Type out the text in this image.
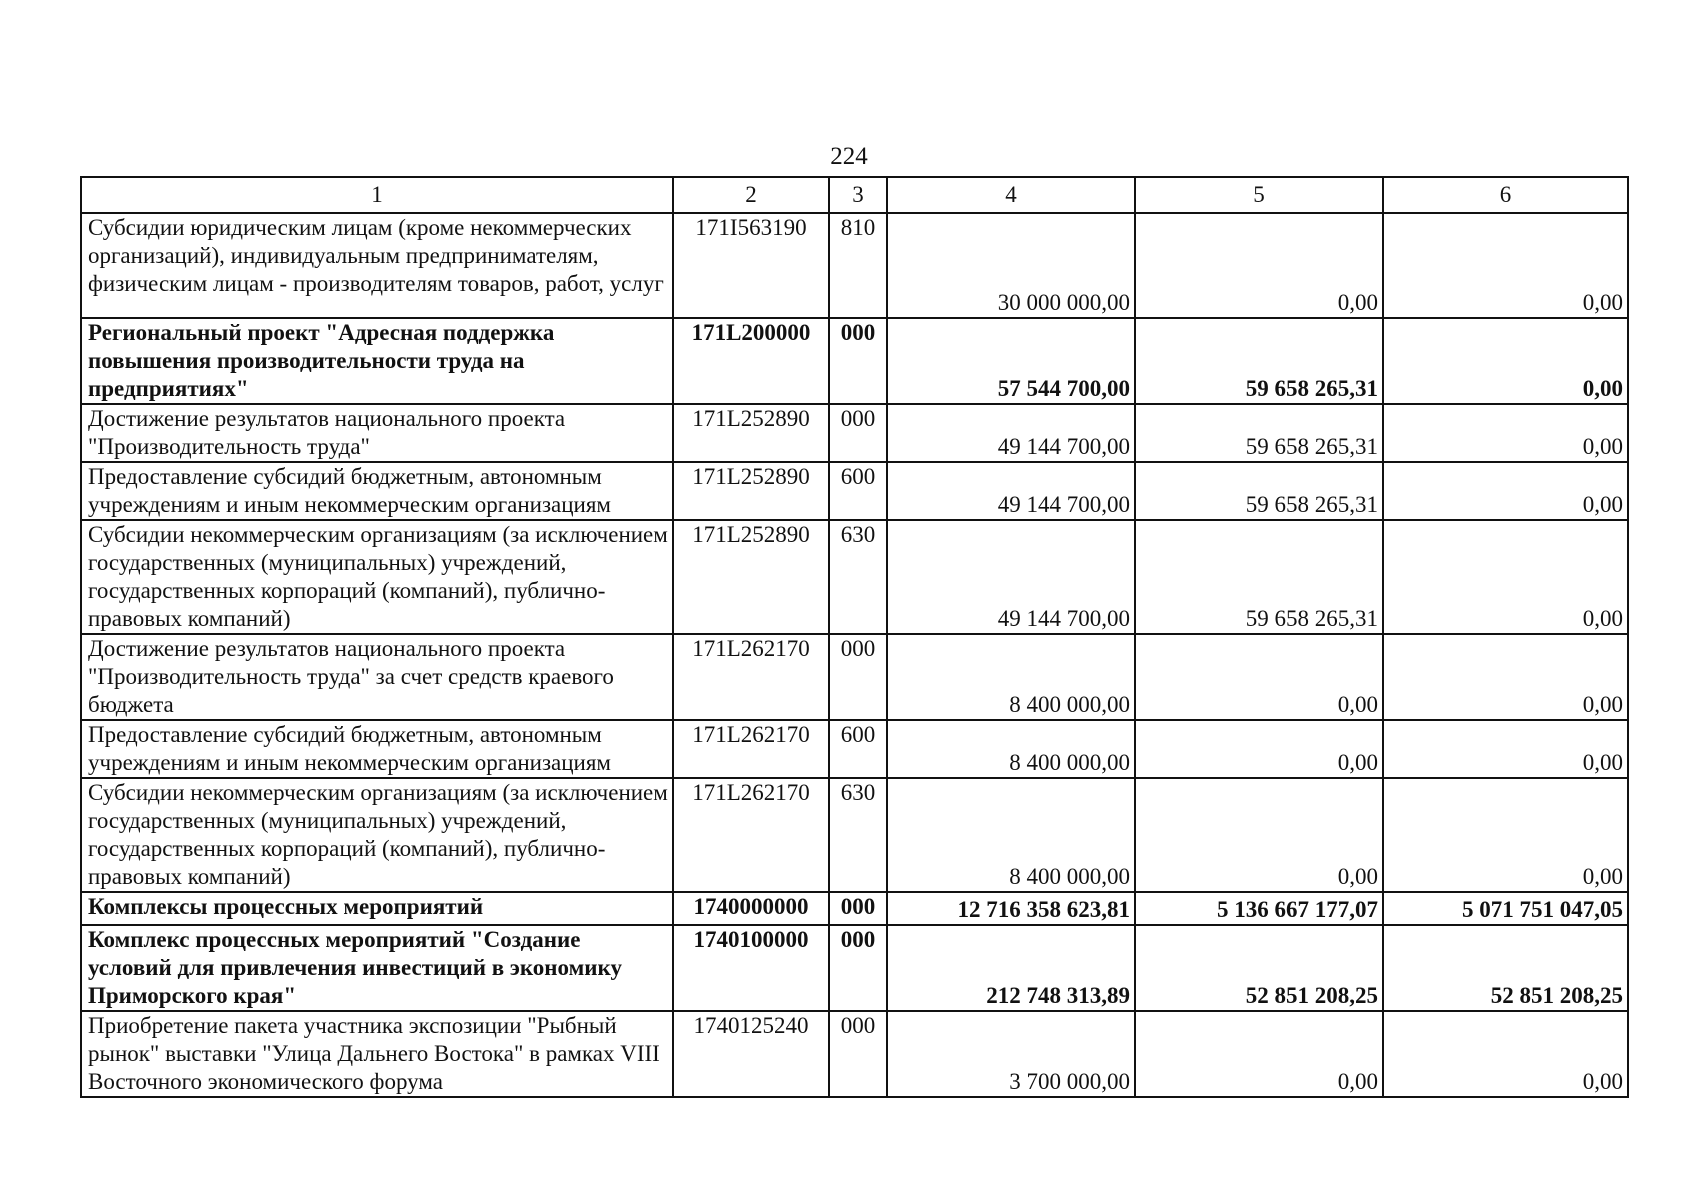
224
1	2	3	4	5	6
Субсидии юридическим лицам (кроме некоммерческих организаций), индивидуальным предпринимателям, физическим лицам - производителям товаров, работ, услуг	171I563190	810	30 000 000,00	0,00	0,00
Региональный проект "Адресная поддержка повышения производительности труда на предприятиях"	171L200000	000	57 544 700,00	59 658 265,31	0,00
Достижение результатов национального проекта "Производительность труда"	171L252890	000	49 144 700,00	59 658 265,31	0,00
Предоставление субсидий бюджетным, автономным учреждениям и иным некоммерческим организациям	171L252890	600	49 144 700,00	59 658 265,31	0,00
Субсидии некоммерческим организациям (за исключением государственных (муниципальных) учреждений, государственных корпораций (компаний), публично-правовых компаний)	171L252890	630	49 144 700,00	59 658 265,31	0,00
Достижение результатов национального проекта "Производительность труда" за счет средств краевого бюджета	171L262170	000	8 400 000,00	0,00	0,00
Предоставление субсидий бюджетным, автономным учреждениям и иным некоммерческим организациям	171L262170	600	8 400 000,00	0,00	0,00
Субсидии некоммерческим организациям (за исключением государственных (муниципальных) учреждений, государственных корпораций (компаний), публично-правовых компаний)	171L262170	630	8 400 000,00	0,00	0,00
Комплексы процессных мероприятий	1740000000	000	12 716 358 623,81	5 136 667 177,07	5 071 751 047,05
Комплекс процессных мероприятий "Создание условий для привлечения инвестиций в экономику Приморского края"	1740100000	000	212 748 313,89	52 851 208,25	52 851 208,25
Приобретение пакета участника экспозиции "Рыбный рынок" выставки "Улица Дальнего Востока" в рамках VIII Восточного экономического форума	1740125240	000	3 700 000,00	0,00	0,00
